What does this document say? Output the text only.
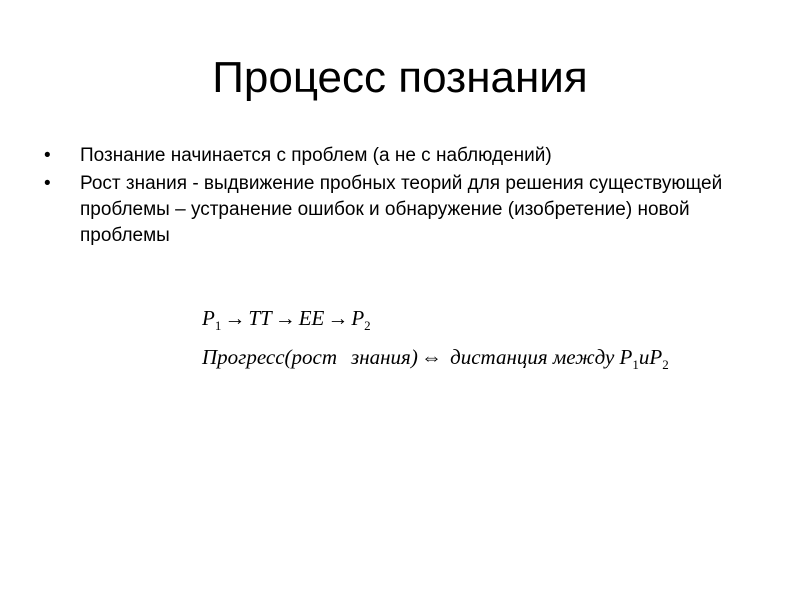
Процесс познания
• Познание начинается с проблем (а не с наблюдений)
• Рост знания - выдвижение пробных теорий для решения существующей проблемы – устранение ошибок и обнаружение (изобретение) новой проблемы
$P_1$ → TT → EE → $P_2$
Прогресс(рост знания) ⇔ дистанция между $P_1иP_2$
